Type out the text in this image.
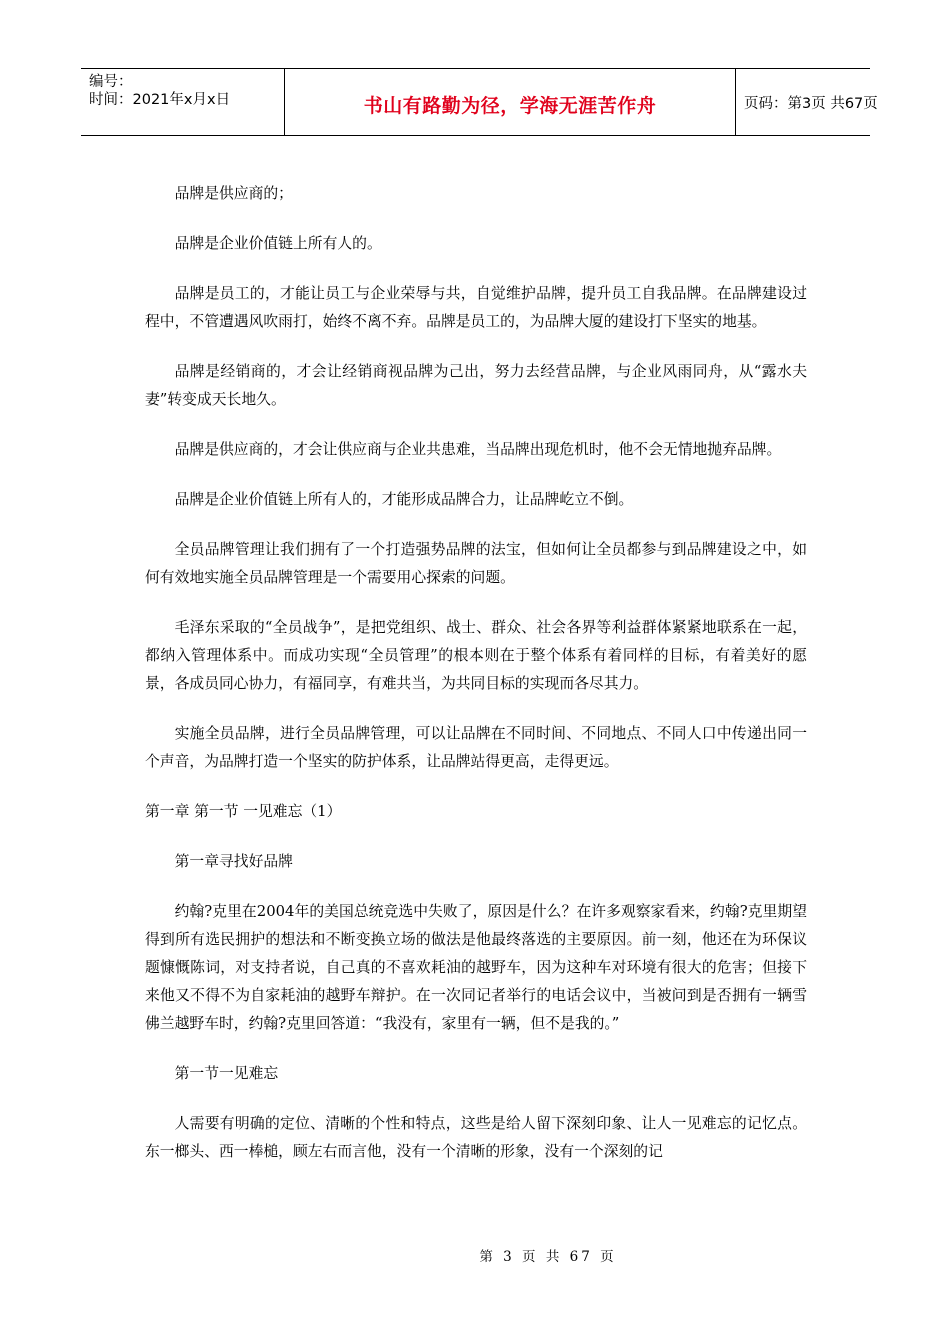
编号：
时间：2021年x月x日	书山有路勤为径，学海无涯苦作舟	页码：第3页 共67页

品牌是供应商的；

品牌是企业价值链上所有人的。

品牌是员工的，才能让员工与企业荣辱与共，自觉维护品牌，提升员工自我品牌。在品牌建设过程中，不管遭遇风吹雨打，始终不离不弃。品牌是员工的，为品牌大厦的建设打下坚实的地基。

品牌是经销商的，才会让经销商视品牌为己出，努力去经营品牌，与企业风雨同舟，从“露水夫妻”转变成天长地久。

品牌是供应商的，才会让供应商与企业共患难，当品牌出现危机时，他不会无情地抛弃品牌。

品牌是企业价值链上所有人的，才能形成品牌合力，让品牌屹立不倒。

全员品牌管理让我们拥有了一个打造强势品牌的法宝，但如何让全员都参与到品牌建设之中，如何有效地实施全员品牌管理是一个需要用心探索的问题。

毛泽东采取的“全员战争”，是把党组织、战士、群众、社会各界等利益群体紧紧地联系在一起，都纳入管理体系中。而成功实现“全员管理”的根本则在于整个体系有着同样的目标，有着美好的愿景，各成员同心协力，有福同享，有难共当，为共同目标的实现而各尽其力。

实施全员品牌，进行全员品牌管理，可以让品牌在不同时间、不同地点、不同人口中传递出同一个声音，为品牌打造一个坚实的防护体系，让品牌站得更高，走得更远。

第一章 第一节 一见难忘（1）

第一章寻找好品牌

约翰?克里在2004年的美国总统竞选中失败了，原因是什么？在许多观察家看来，约翰?克里期望得到所有选民拥护的想法和不断变换立场的做法是他最终落选的主要原因。前一刻，他还在为环保议题慷慨陈词，对支持者说，自己真的不喜欢耗油的越野车，因为这种车对环境有很大的危害；但接下来他又不得不为自家耗油的越野车辩护。在一次同记者举行的电话会议中，当被问到是否拥有一辆雪佛兰越野车时，约翰?克里回答道：“我没有，家里有一辆，但不是我的。”

第一节一见难忘

人需要有明确的定位、清晰的个性和特点，这些是给人留下深刻印象、让人一见难忘的记忆点。东一榔头、西一棒槌，顾左右而言他，没有一个清晰的形象，没有一个深刻的记

第 3 页 共 67 页
